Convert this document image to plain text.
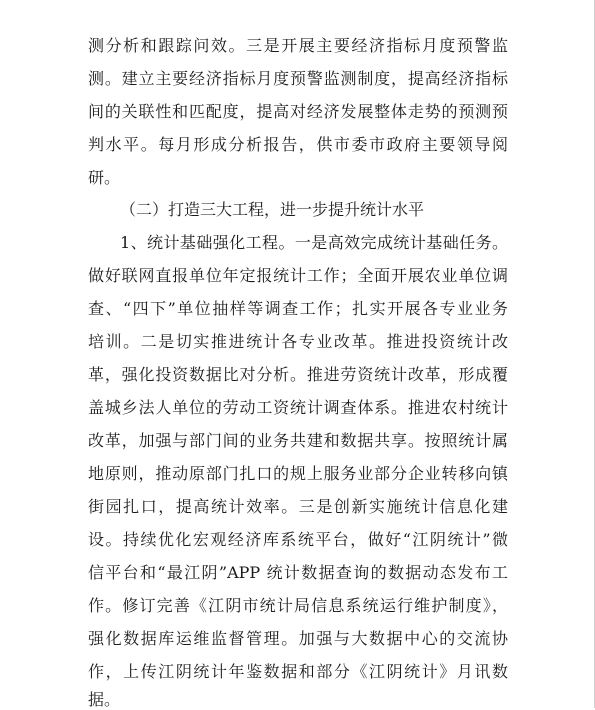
测分析和跟踪问效。三是开展主要经济指标月度预警监
测。建立主要经济指标月度预警监测制度，提高经济指标
间的关联性和匹配度，提高对经济发展整体走势的预测预
判水平。每月形成分析报告，供市委市政府主要领导阅
研。
（二）打造三大工程，进一步提升统计水平
1、统计基础强化工程。一是高效完成统计基础任务。
做好联网直报单位年定报统计工作；全面开展农业单位调
查、“四下”单位抽样等调查工作；扎实开展各专业业务
培训。二是切实推进统计各专业改革。推进投资统计改
革，强化投资数据比对分析。推进劳资统计改革，形成覆
盖城乡法人单位的劳动工资统计调查体系。推进农村统计
改革，加强与部门间的业务共建和数据共享。按照统计属
地原则，推动原部门扎口的规上服务业部分企业转移向镇
街园扎口，提高统计效率。三是创新实施统计信息化建
设。持续优化宏观经济库系统平台，做好“江阴统计”微
信平台和“最江阴”APP 统计数据查询的数据动态发布工
作。修订完善《江阴市统计局信息系统运行维护制度》，
强化数据库运维监督管理。加强与大数据中心的交流协
作，上传江阴统计年鉴数据和部分《江阴统计》月讯数
据。
